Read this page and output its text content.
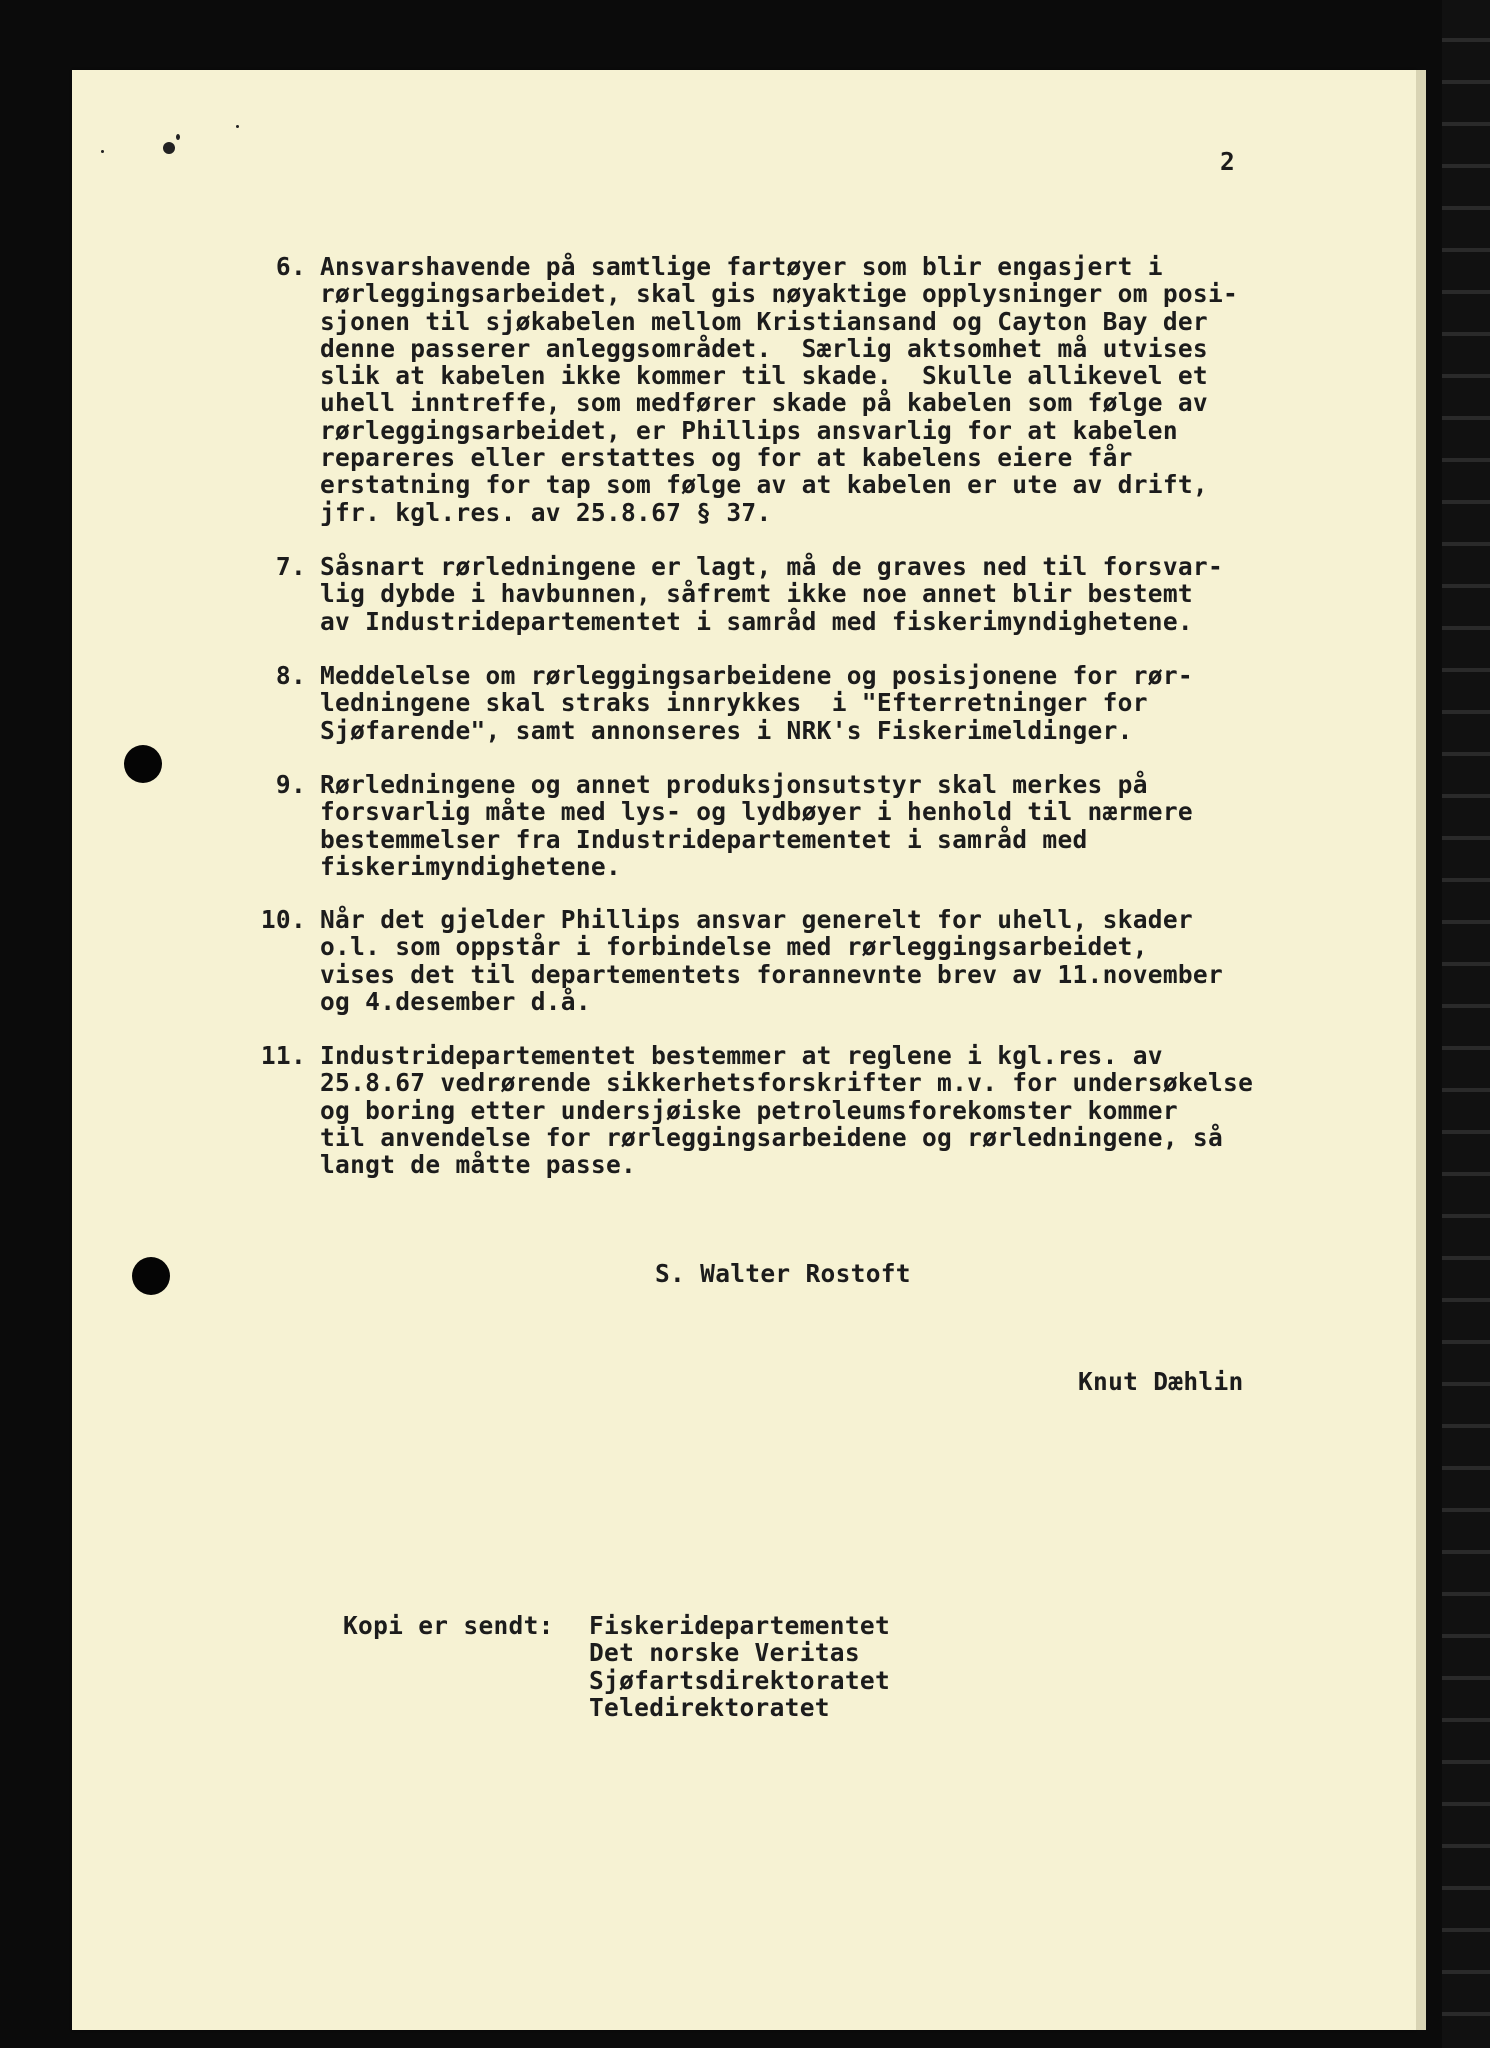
2
6. Ansvarshavende på samtlige fartøyer som blir engasjert i
rørleggingsarbeidet, skal gis nøyaktige opplysninger om posi-
sjonen til sjøkabelen mellom Kristiansand og Cayton Bay der
denne passerer anleggsområdet.  Særlig aktsomhet må utvises
slik at kabelen ikke kommer til skade.  Skulle allikevel et
uhell inntreffe, som medfører skade på kabelen som følge av
rørleggingsarbeidet, er Phillips ansvarlig for at kabelen
repareres eller erstattes og for at kabelens eiere får
erstatning for tap som følge av at kabelen er ute av drift,
jfr. kgl.res. av 25.8.67 § 37.
7. Såsnart rørledningene er lagt, må de graves ned til forsvar-
lig dybde i havbunnen, såfremt ikke noe annet blir bestemt
av Industridepartementet i samråd med fiskerimyndighetene.
8. Meddelelse om rørleggingsarbeidene og posisjonene for rør-
ledningene skal straks innrykkes  i "Efterretninger for
Sjøfarende", samt annonseres i NRK's Fiskerimeldinger.
9. Rørledningene og annet produksjonsutstyr skal merkes på
forsvarlig måte med lys- og lydbøyer i henhold til nærmere
bestemmelser fra Industridepartementet i samråd med
fiskerimyndighetene.
10. Når det gjelder Phillips ansvar generelt for uhell, skader
o.l. som oppstår i forbindelse med rørleggingsarbeidet,
vises det til departementets forannevnte brev av 11.november
og 4.desember d.å.
11. Industridepartementet bestemmer at reglene i kgl.res. av
25.8.67 vedrørende sikkerhetsforskrifter m.v. for undersøkelse
og boring etter undersjøiske petroleumsforekomster kommer
til anvendelse for rørleggingsarbeidene og rørledningene, så
langt de måtte passe.
S. Walter Rostoft
Knut Dæhlin
Kopi er sendt: Fiskeridepartementet
Det norske Veritas
Sjøfartsdirektoratet
Teledirektoratet
